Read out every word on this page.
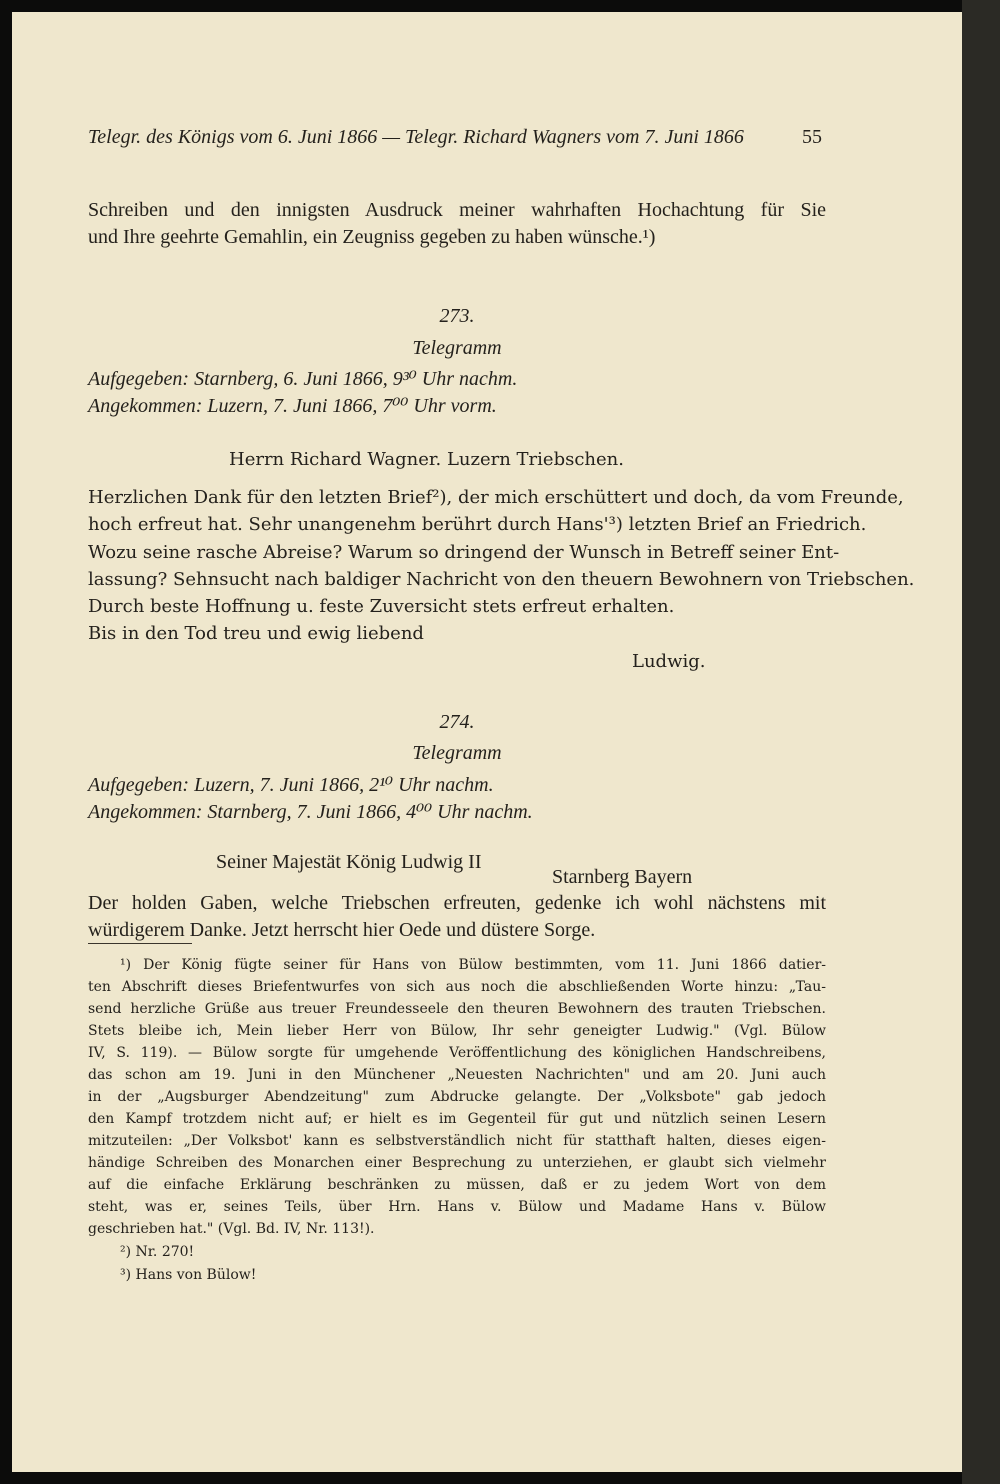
Telegr. des Königs vom 6. Juni 1866 — Telegr. Richard Wagners vom 7. Juni 1866	55
Schreiben und den innigsten Ausdruck meiner wahrhaften Hochachtung für Sie
und Ihre geehrte Gemahlin, ein Zeugniss gegeben zu haben wünsche.¹)
273.
Telegramm
Aufgegeben: Starnberg, 6. Juni 1866, 9³⁰ Uhr nachm.
Angekommen: Luzern, 7. Juni 1866, 7⁰⁰ Uhr vorm.
Herrn Richard Wagner. Luzern Triebschen.
Herzlichen Dank für den letzten Brief²), der mich erschüttert und doch, da vom Freunde,
hoch erfreut hat. Sehr unangenehm berührt durch Hans'³) letzten Brief an Friedrich.
Wozu seine rasche Abreise? Warum so dringend der Wunsch in Betreff seiner Ent-
lassung? Sehnsucht nach baldiger Nachricht von den theuern Bewohnern von Triebschen.
Durch beste Hoffnung u. feste Zuversicht stets erfreut erhalten.
Bis in den Tod treu und ewig liebend
Ludwig.
274.
Telegramm
Aufgegeben: Luzern, 7. Juni 1866, 2¹⁰ Uhr nachm.
Angekommen: Starnberg, 7. Juni 1866, 4⁰⁰ Uhr nachm.
Seiner Majestät König Ludwig II
Starnberg Bayern
Der holden Gaben, welche Triebschen erfreuten, gedenke ich wohl nächstens mit
würdigerem Danke. Jetzt herrscht hier Oede und düstere Sorge.
¹) Der König fügte seiner für Hans von Bülow bestimmten, vom 11. Juni 1866 datier-
ten Abschrift dieses Briefentwurfes von sich aus noch die abschließenden Worte hinzu: „Tau-
send herzliche Grüße aus treuer Freundesseele den theuren Bewohnern des trauten Triebschen.
Stets bleibe ich, Mein lieber Herr von Bülow, Ihr sehr geneigter Ludwig." (Vgl. Bülow
IV, S. 119). — Bülow sorgte für umgehende Veröffentlichung des königlichen Handschreibens,
das schon am 19. Juni in den Münchener „Neuesten Nachrichten" und am 20. Juni auch
in der „Augsburger Abendzeitung" zum Abdrucke gelangte. Der „Volksbote" gab jedoch
den Kampf trotzdem nicht auf; er hielt es im Gegenteil für gut und nützlich seinen Lesern
mitzuteilen: „Der Volksbot' kann es selbstverständlich nicht für statthaft halten, dieses eigen-
händige Schreiben des Monarchen einer Besprechung zu unterziehen, er glaubt sich vielmehr
auf die einfache Erklärung beschränken zu müssen, daß er zu jedem Wort von dem
steht, was er, seines Teils, über Hrn. Hans v. Bülow und Madame Hans v. Bülow
geschrieben hat." (Vgl. Bd. IV, Nr. 113!).
²) Nr. 270!
³) Hans von Bülow!
